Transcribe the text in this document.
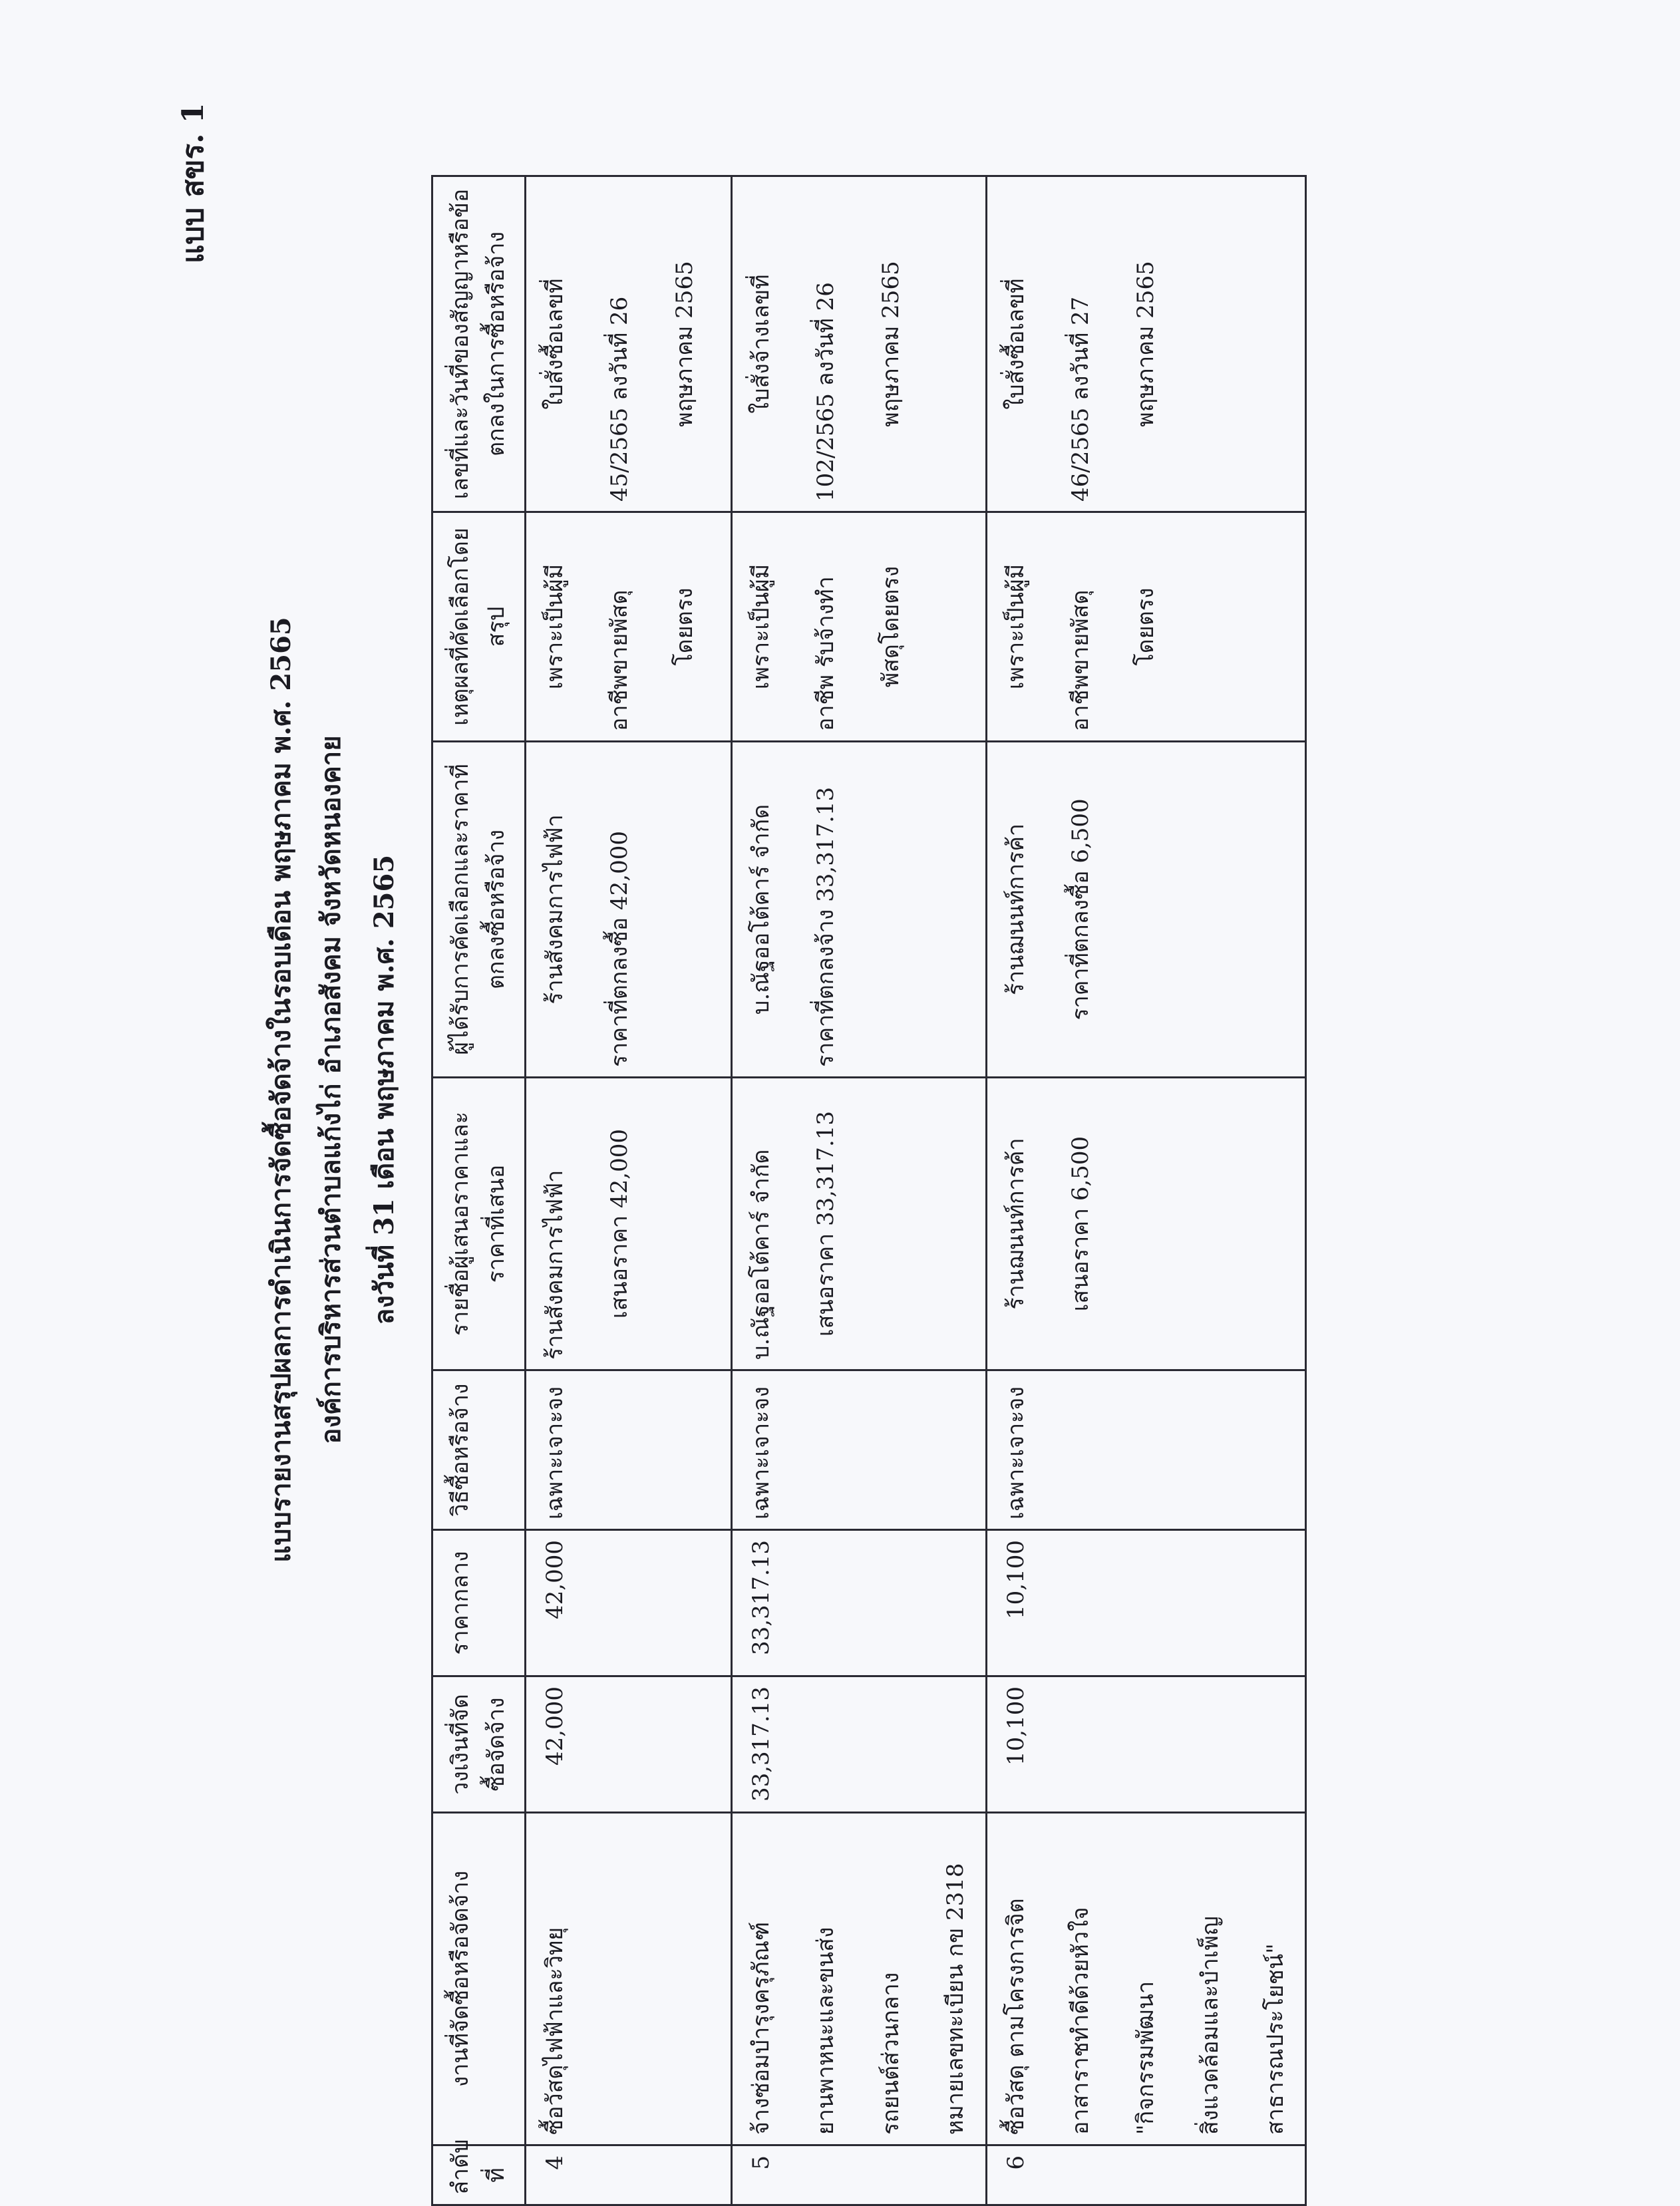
แบบ สขร. 1
แบบรายงานสรุปผลการดำเนินการจัดซื้อจัดจ้างในรอบเดือน พฤษภาคม พ.ศ. 2565 องค์การบริหารส่วนตำบลแก้งไก่ อำเภอสังคม จังหวัดหนองคาย ลงวันที่ 31 เดือน พฤษภาคม พ.ศ. 2565
ลำดับที่	งานที่จัดซื้อหรือจัดจ้าง	วงเงินที่จัดซื้อจัดจ้าง	ราคากลาง	วิธีซื้อหรือจ้าง	รายชื่อผู้เสนอราคาและราคาที่เสนอ	ผู้ได้รับการคัดเลือกและราคาที่ตกลงซื้อหรือจ้าง	เหตุผลที่คัดเลือกโดยสรุป	เลขที่และวันที่ของสัญญาหรือข้อตกลงในการซื้อหรือจ้าง
4	ซื้อวัสดุไฟฟ้าและวิทยุ	42,000	42,000	เฉพาะเจาะจง	ร้านสังคมการไฟฟ้า เสนอราคา 42,000	ร้านสังคมการไฟฟ้า ราคาที่ตกลงซื้อ 42,000	เพราะเป็นผู้มี อาชีพขายพัสดุ โดยตรง	ใบสั่งซื้อเลขที่ 45/2565 ลงวันที่ 26 พฤษภาคม 2565

5	จ้างซ่อมบำรุงครุภัณฑ์ ยานพาหนะและขนส่ง รถยนต์ส่วนกลาง หมายเลขทะเบียน กข 2318	33,317.13	33,317.13	เฉพาะเจาะจง	บ.ณัฐออโต้คาร์ จำกัด เสนอราคา 33,317.13	บ.ณัฐออโต้คาร์ จำกัด ราคาที่ตกลงจ้าง 33,317.13	เพราะเป็นผู้มี อาชีพ รับจ้างทำ พัสดุโดยตรง	ใบสั่งจ้างเลขที่ 102/2565 ลงวันที่ 26 พฤษภาคม 2565

6	ซื้อวัสดุ ตามโครงการจิต อาสาราชทำดีด้วยหัวใจ "กิจกรรมพัฒนา สิ่งแวดล้อมและบำเพ็ญ สาธารณประโยชน์"	10,100	10,100	เฉพาะเจาะจง	ร้านฌนนท์การค้า เสนอราคา 6,500	ร้านฌนนท์การค้า ราคาที่ตกลงซื้อ 6,500	เพราะเป็นผู้มี อาชีพขายพัสดุ โดยตรง	ใบสั่งซื้อเลขที่ 46/2565 ลงวันที่ 27 พฤษภาคม 2565
